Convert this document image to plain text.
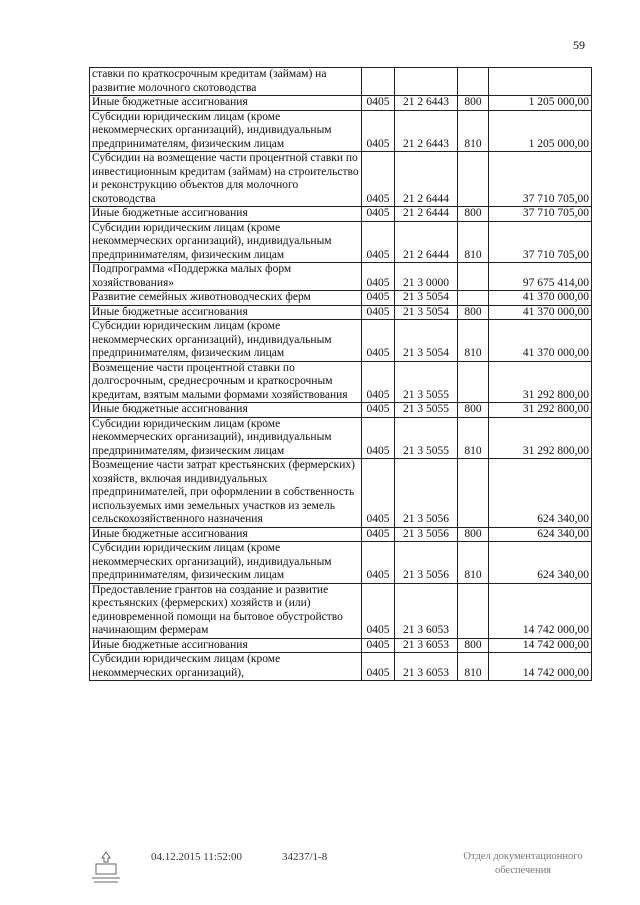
59
ставки по краткосрочным кредитам (займам) на развитие молочного скотоводства				
Иные бюджетные ассигнования	0405	21 2 6443	800	1 205 000,00
Субсидии юридическим лицам (кроме некоммерческих организаций), индивидуальным предпринимателям, физическим лицам	0405	21 2 6443	810	1 205 000,00
Субсидии на возмещение части процентной ставки по инвестиционным кредитам (займам) на строительство и реконструкцию объектов для молочного скотоводства	0405	21 2 6444		37 710 705,00
Иные бюджетные ассигнования	0405	21 2 6444	800	37 710 705,00
Субсидии юридическим лицам (кроме некоммерческих организаций), индивидуальным предпринимателям, физическим лицам	0405	21 2 6444	810	37 710 705,00
Подпрограмма «Поддержка малых форм хозяйствования»	0405	21 3 0000		97 675 414,00
Развитие семейных животноводческих ферм	0405	21 3 5054		41 370 000,00
Иные бюджетные ассигнования	0405	21 3 5054	800	41 370 000,00
Субсидии юридическим лицам (кроме некоммерческих организаций), индивидуальным предпринимателям, физическим лицам	0405	21 3 5054	810	41 370 000,00
Возмещение части процентной ставки по долгосрочным, среднесрочным и краткосрочным кредитам, взятым малыми формами хозяйствования	0405	21 3 5055		31 292 800,00
Иные бюджетные ассигнования	0405	21 3 5055	800	31 292 800,00
Субсидии юридическим лицам (кроме некоммерческих организаций), индивидуальным предпринимателям, физическим лицам	0405	21 3 5055	810	31 292 800,00
Возмещение части затрат крестьянских (фермерских) хозяйств, включая индивидуальных предпринимателей, при оформлении в собственность используемых ими земельных участков из земель сельскохозяйственного назначения	0405	21 3 5056		624 340,00
Иные бюджетные ассигнования	0405	21 3 5056	800	624 340,00
Субсидии юридическим лицам (кроме некоммерческих организаций), индивидуальным предпринимателям, физическим лицам	0405	21 3 5056	810	624 340,00
Предоставление грантов на создание и развитие крестьянских (фермерских) хозяйств и (или) единовременной помощи на бытовое обустройство начинающим фермерам	0405	21 3 6053		14 742 000,00
Иные бюджетные ассигнования	0405	21 3 6053	800	14 742 000,00
Субсидии юридическим лицам (кроме некоммерческих организаций),	0405	21 3 6053	810	14 742 000,00
04.12.2015 11:52:00	34237/1-8	Отдел документационного обеспечения
